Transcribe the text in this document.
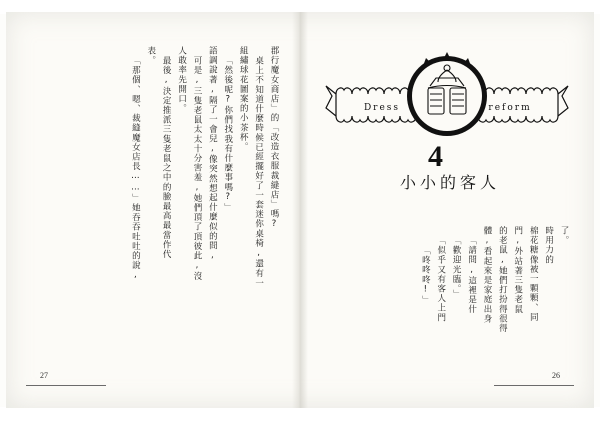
Dress	reform
4
小小的客人
了。
時用力的
棉花糖像被一顆顆、同
門,外站著三隻老鼠
的老鼠,她們打扮得很得
體,看起來是家庭出身
「請問,這裡是什
「歡迎光臨。」
「似乎又有客人上門
「咚咚咚!」
26
郡行魔女商店」的「改造衣服裁縫店」嗎?
桌上不知道什麼時候已經擺好了一套迷你桌椅,還有一
組繡球花圖案的小茶杯。
「然後呢?你們找我有什麼事嗎?」
語調說著,隔了一會兒,像突然想起什麼似的問,
可是,三隻老鼠太太十分害羞,她們頂了頂彼此,沒
人敢率先開口。
最後,決定推派三隻老鼠之中的臉最高最當作代
表。
「那個、嗯、裁縫魔女店長……」她吞吞吐吐的說,
27
